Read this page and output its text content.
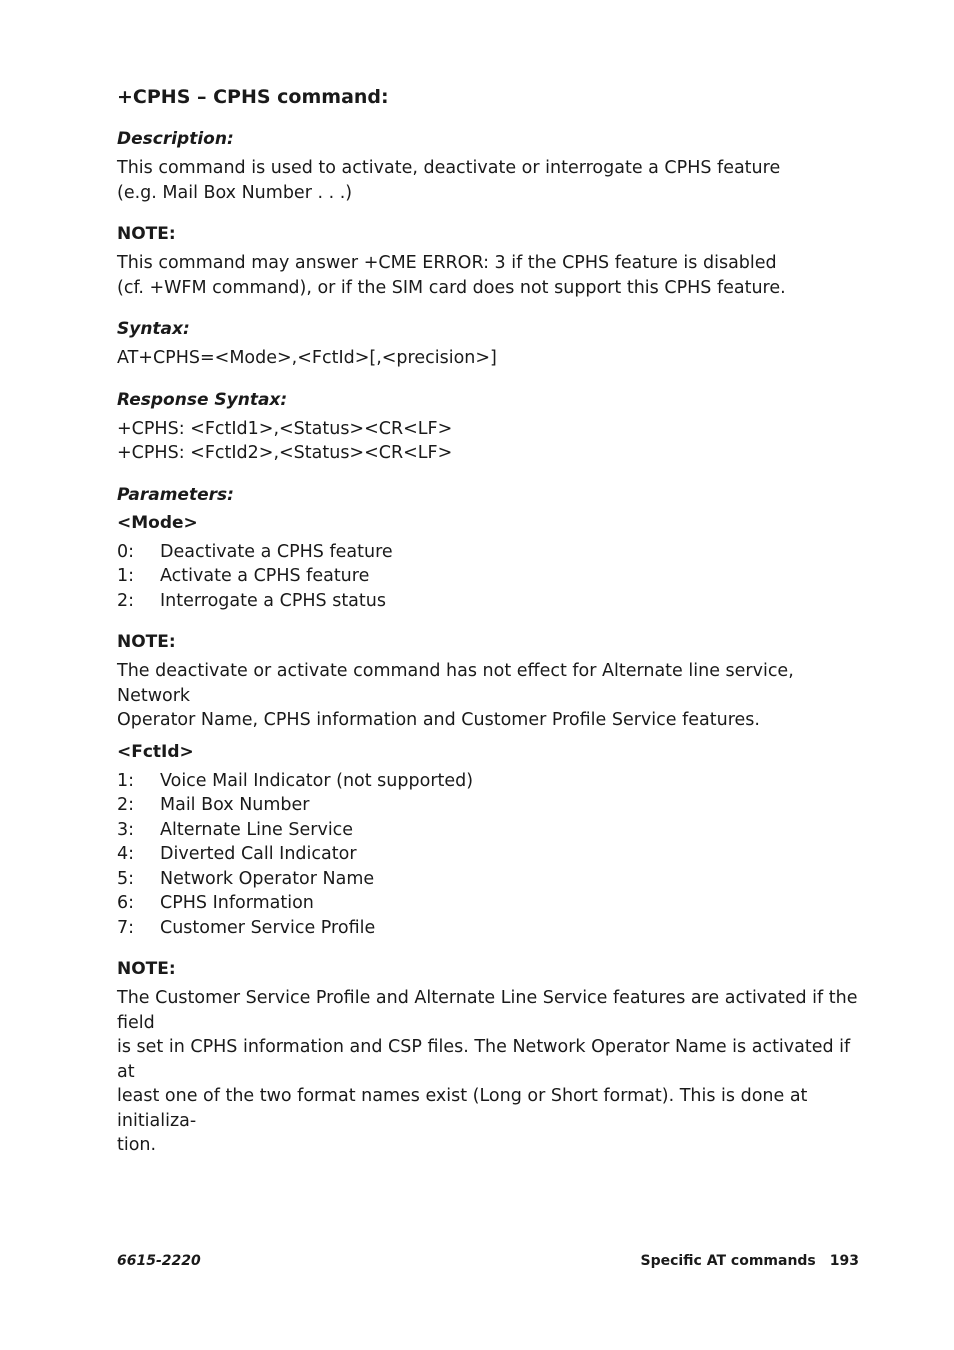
+CPHS – CPHS command:
Description:

This command is used to activate, deactivate or interrogate a CPHS feature

(e.g. Mail Box Number . . .)

NOTE:

This command may answer +CME ERROR: 3 if the CPHS feature is disabled

(cf. +WFM command), or if the SIM card does not support this CPHS feature.

Syntax:

AT+CPHS=<Mode>,<FctId>[,<precision>]

Response Syntax:

+CPHS: <FctId1>,<Status><CR<LF>

+CPHS: <FctId2>,<Status><CR<LF>

Parameters:
<Mode>
0:	Deactivate a CPHS feature
1:	Activate a CPHS feature
2:	Interrogate a CPHS status
NOTE:

The deactivate or activate command has not effect for Alternate line service, Network

Operator Name, CPHS information and Customer Profile Service features.

<FctId>
1:	Voice Mail Indicator (not supported)
2:	Mail Box Number
3:	Alternate Line Service
4:	Diverted Call Indicator
5:	Network Operator Name
6:	CPHS Information
7:	Customer Service Profile
NOTE:

The Customer Service Profile and Alternate Line Service features are activated if the field

is set in CPHS information and CSP files. The Network Operator Name is activated if at

least one of the two format names exist (Long or Short format). This is done at initializa-

tion.

6615-2220	Specific AT commands 193
